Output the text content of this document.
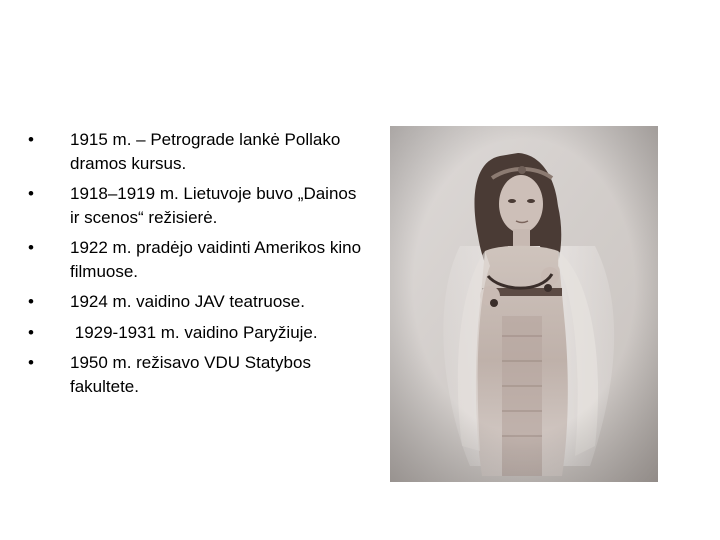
•	1915 m. – Petrograde lankė Pollako dramos kursus.
•	1918–1919 m. Lietuvoje buvo „Dainos ir scenos“ režisierė.
•	1922 m. pradėjo vaidinti Amerikos kino filmuose.
•	1924 m. vaidino JAV teatruose.
•	1929-1931 m. vaidino Paryžiuje.
•	1950 m. režisavo VDU Statybos fakultete.
